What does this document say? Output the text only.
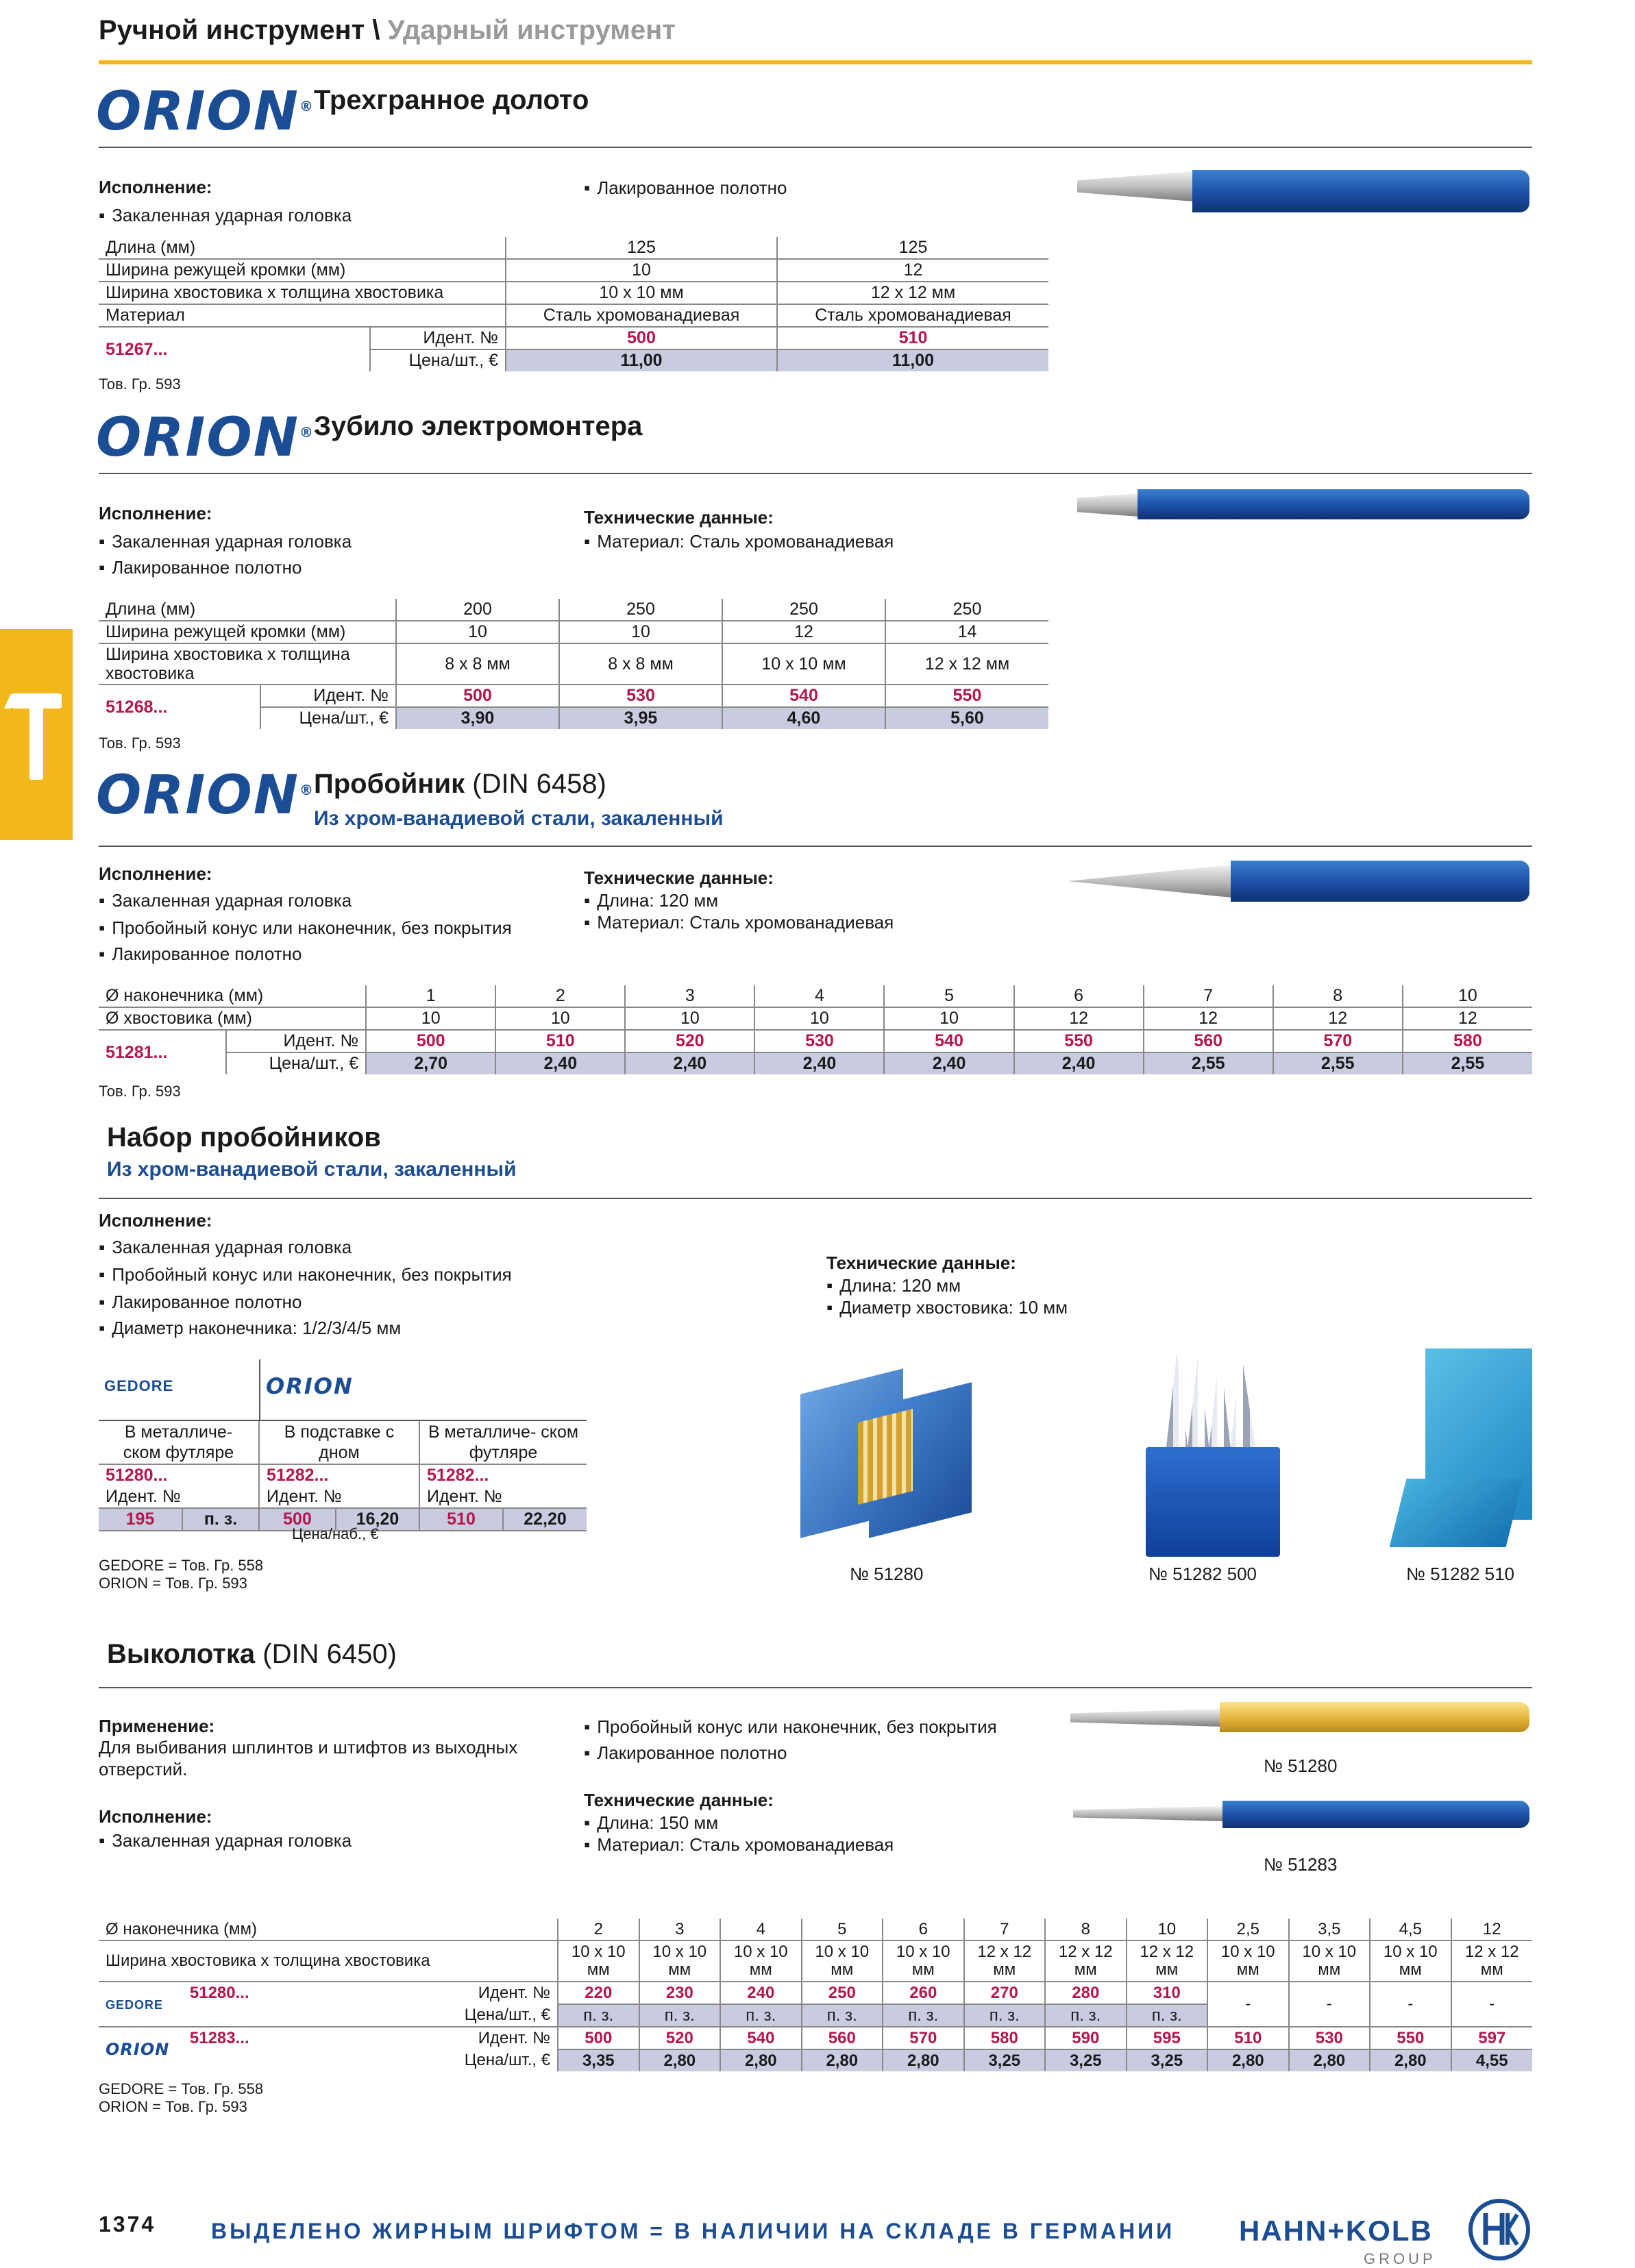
Ручной инструмент \ Ударный инструмент
ORION® Трехгранное долото
Исполнение:
▪ Закаленная ударная головка
▪ Лакированное полотно
Длина (мм)		125	125
Ширина режущей кромки (мм)		10	12
Ширина хвостовика х толщина хвостовика		10 x 10 мм	12 x 12 мм
Материал		Сталь хромованадиевая	Сталь хромованадиевая
51267...	Идент. №	500	510
	Цена/шт., €	11,00	11,00
Тов. Гр. 593
ORION® Зубило электромонтера
Исполнение:
▪ Закаленная ударная головка
▪ Лакированное полотно
Технические данные:
▪ Материал: Сталь хромованадиевая
Длина (мм)		200	250	250	250
Ширина режущей кромки (мм)		10	10	12	14
Ширина хвостовика х толщина хвостовика		8 x 8 мм	8 x 8 мм	10 x 10 мм	12 x 12 мм
51268...	Идент. №	500	530	540	550
	Цена/шт., €	3,90	3,95	4,60	5,60
Тов. Гр. 593
ORION® Пробойник (DIN 6458)
Из хром-ванадиевой стали, закаленный
Исполнение:
▪ Закаленная ударная головка
▪ Пробойный конус или наконечник, без покрытия
▪ Лакированное полотно
Технические данные:
▪ Длина: 120 мм
▪ Материал: Сталь хромованадиевая
Ø наконечника (мм)		1	2	3	4	5	6	7	8	10
Ø хвостовика (мм)		10	10	10	10	10	12	12	12	12
51281...	Идент. №	500	510	520	530	540	550	560	570	580
	Цена/шт., €	2,70	2,40	2,40	2,40	2,40	2,40	2,55	2,55	2,55
Тов. Гр. 593
Набор пробойников
Из хром-ванадиевой стали, закаленный
Исполнение:
▪ Закаленная ударная головка
▪ Пробойный конус или наконечник, без покрытия
▪ Лакированное полотно
▪ Диаметр наконечника: 1/2/3/4/5 мм
Технические данные:
▪ Длина: 120 мм
▪ Диаметр хвостовика: 10 мм
GEDORE	ORION
В металличе- ском футляре		В подставке с дном		В металличе- ском футляре	
51280...		51282...		51282...	
Идент. №		Идент. №		Идент. №	
195	п. з.	500	16,20	510	22,20
Цена/наб., €
GEDORE = Тов. Гр. 558
ORION = Тов. Гр. 593	№ 51280	№ 51282 500	№ 51282 510
Выколотка (DIN 6450)
Применение:
Для выбивания шплинтов и штифтов из выходных отверстий.
Исполнение:
▪ Закаленная ударная головка
▪ Пробойный конус или наконечник, без покрытия
▪ Лакированное полотно
Технические данные:
▪ Длина: 150 мм
▪ Материал: Сталь хромованадиевая
№ 51280
№ 51283
Ø наконечника (мм)		2	3	4	5	6	7	8	10	2,5	3,5	4,5	12
Ширина хвостовика х толщина хвостовика		10 x 10 мм	10 x 10 мм	10 x 10 мм	10 x 10 мм	10 x 10 мм	12 x 12 мм	12 x 12 мм	12 x 12 мм	10 x 10 мм	10 x 10 мм	10 x 10 мм	12 x 12 мм
GEDORE	51280... Идент. №	220	230	240	250	260	270	280	310	-	-	-	-
	Цена/шт., €	п. з.	п. з.	п. з.	п. з.	п. з.	п. з.	п. з.	п. з.				
ORION	51283... Идент. №	500	520	540	560	570	580	590	595	510	530	550	597
	Цена/шт., €	3,35	2,80	2,80	2,80	2,80	3,25	3,25	3,25	2,80	2,80	2,80	4,55
GEDORE = Тов. Гр. 558
ORION = Тов. Гр. 593
1374	ВЫДЕЛЕНО ЖИРНЫМ ШРИФТОМ = В НАЛИЧИИ НА СКЛАДЕ В ГЕРМАНИИ HAHN+KOLB
GROUP
